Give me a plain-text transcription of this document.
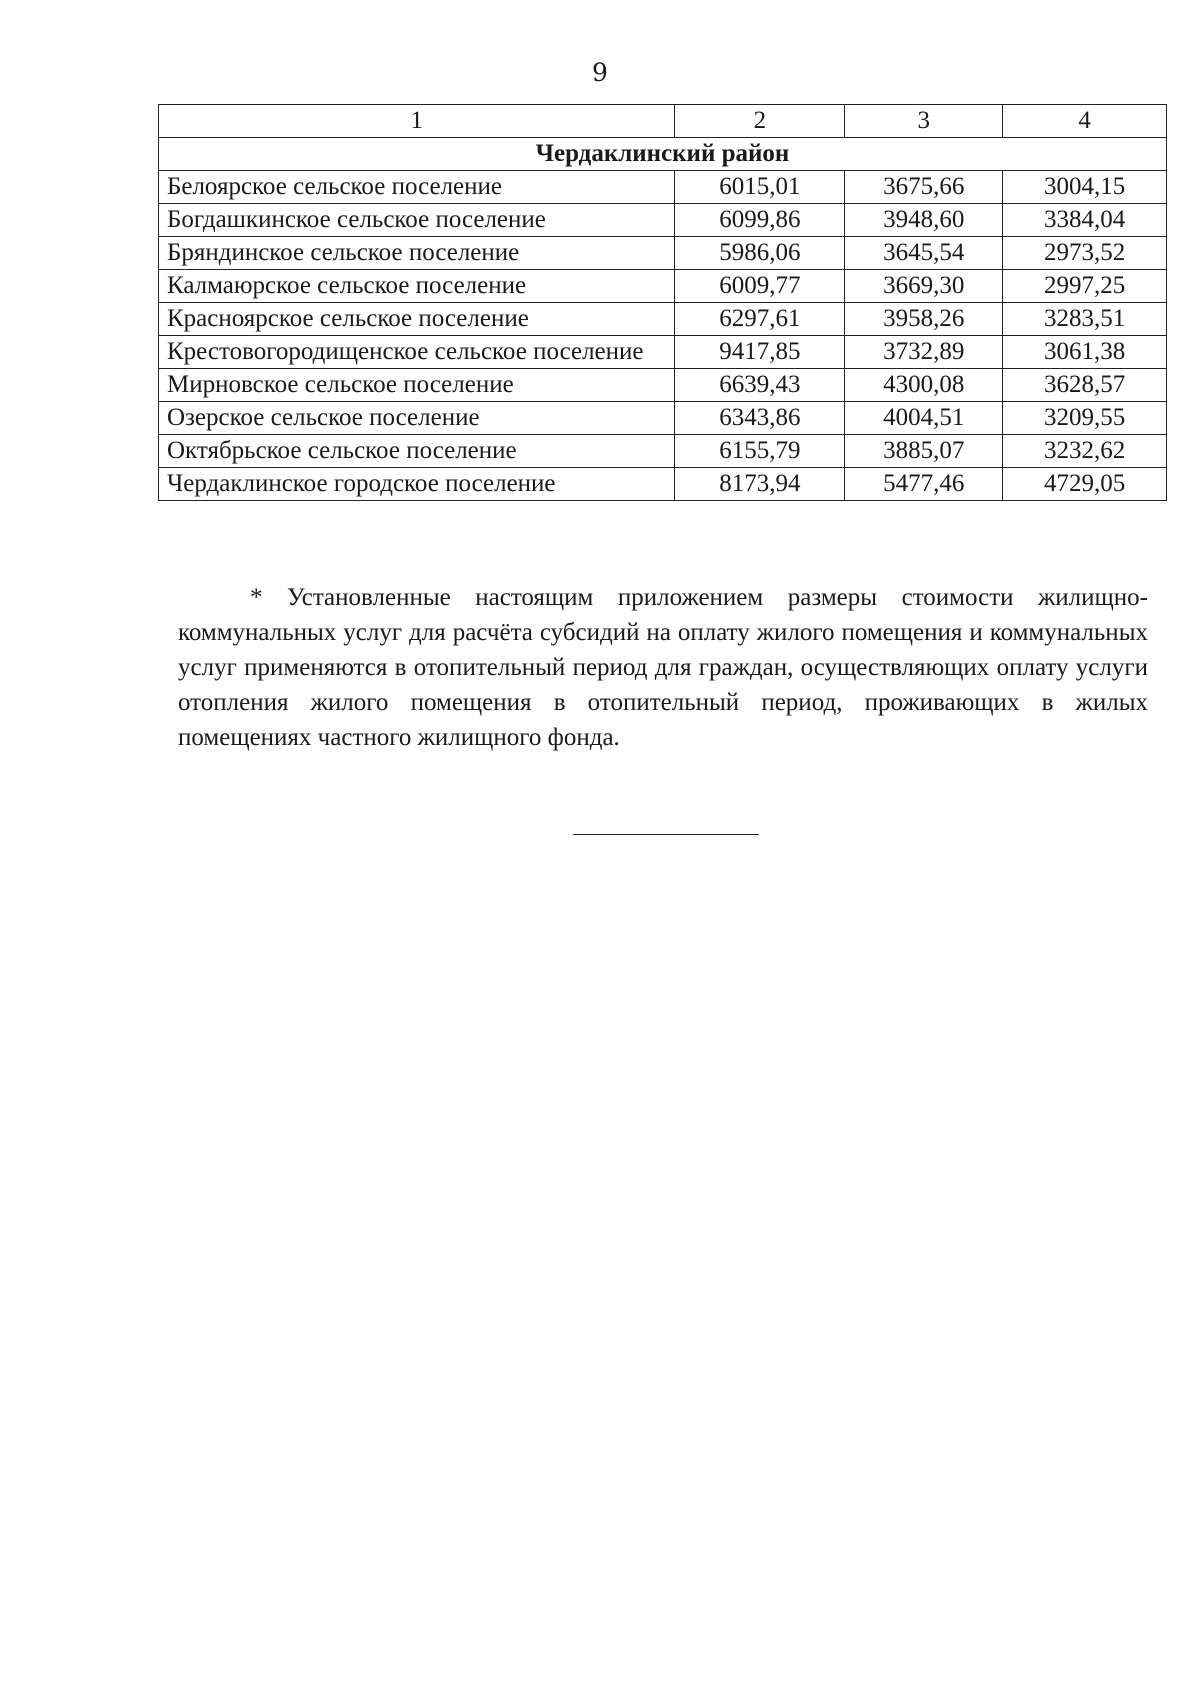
9
1	2	3	4
Чердаклинский район			
Белоярское сельское поселение	6015,01	3675,66	3004,15
Богдашкинское сельское поселение	6099,86	3948,60	3384,04
Бряндинское сельское поселение	5986,06	3645,54	2973,52
Калмаюрское сельское поселение	6009,77	3669,30	2997,25
Красноярское сельское поселение	6297,61	3958,26	3283,51
Крестовогородищенское сельское поселение	9417,85	3732,89	3061,38
Мирновское сельское поселение	6639,43	4300,08	3628,57
Озерское сельское поселение	6343,86	4004,51	3209,55
Октябрьское сельское поселение	6155,79	3885,07	3232,62
Чердаклинское городское поселение	8173,94	5477,46	4729,05
* Установленные настоящим приложением размеры стоимости жилищно-коммунальных услуг для расчёта субсидий на оплату жилого помещения и коммунальных услуг применяются в отопительный период для граждан, осуществляющих оплату услуги отопления жилого помещения в отопительный период, проживающих в жилых помещениях частного жилищного фонда.
